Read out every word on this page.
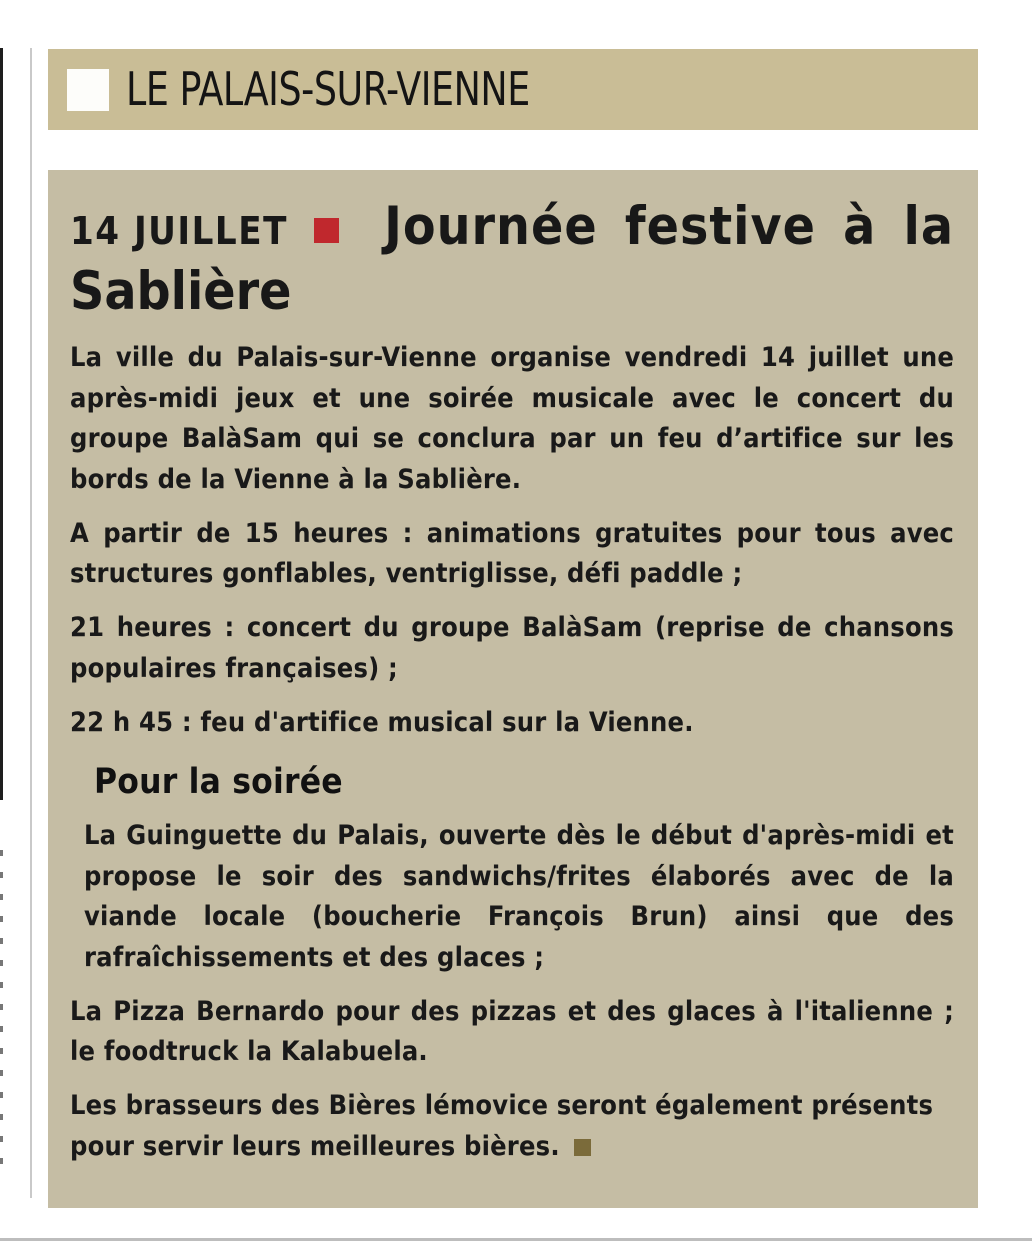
LE PALAIS-SUR-VIENNE
14 JUILLET	Journée festive à la
Sablière

La ville du Palais-sur-Vienne organise vendredi 14 juillet une après-midi jeux et une soirée musicale avec le concert du groupe BalàSam qui se conclura par un feu d’artifice sur les bords de la Vienne à la Sablière.

A partir de 15 heures : animations gratuites pour tous avec structures gonflables, ventriglisse, défi paddle ;

21 heures : concert du groupe BalàSam (reprise de chansons populaires françaises) ;

22 h 45 : feu d'artifice musical sur la Vienne.

Pour la soirée

La Guinguette du Palais, ouverte dès le début d'après-midi et propose le soir des sandwichs/frites élaborés avec de la viande locale (boucherie François Brun) ainsi que des rafraîchissements et des glaces ;

La Pizza Bernardo pour des pizzas et des glaces à l'italienne ; le foodtruck la Kalabuela.

Les brasseurs des Bières lémovice seront également présents pour servir leurs meilleures bières.
